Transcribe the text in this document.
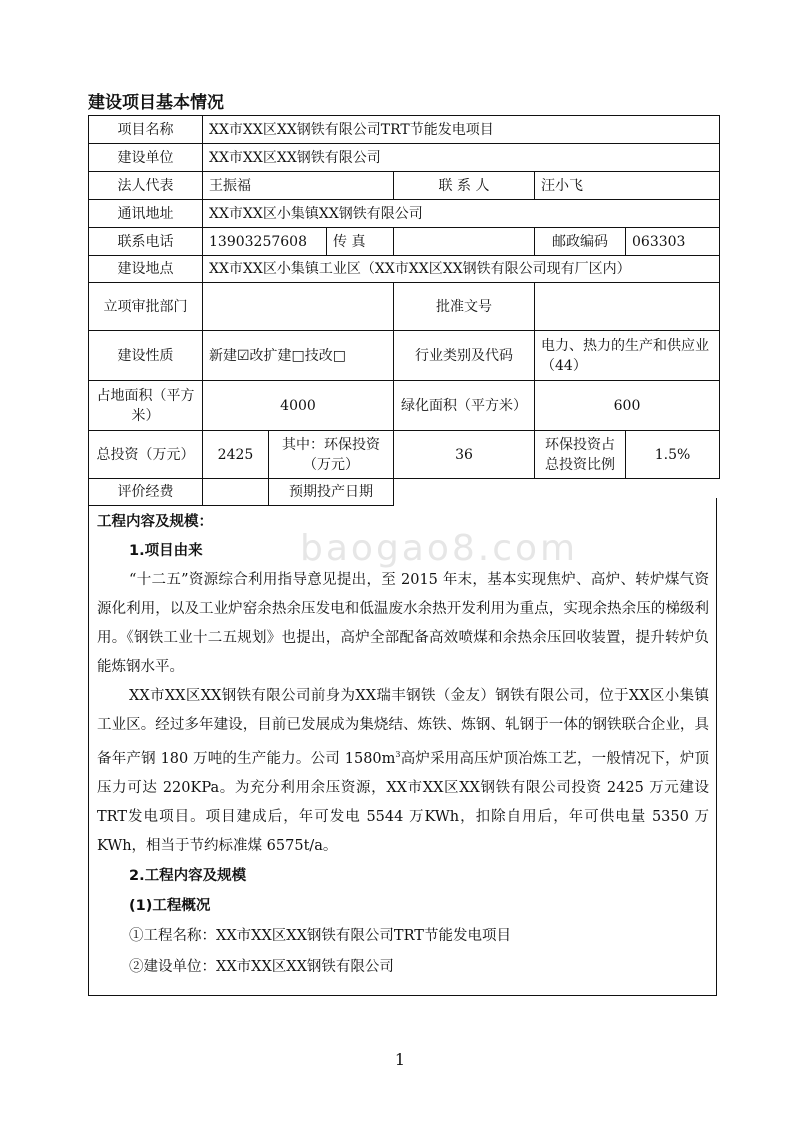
建设项目基本情况
项目名称	XX市XX区XX钢铁有限公司TRT节能发电项目					
建设单位	XX市XX区XX钢铁有限公司					
法人代表	王振福			联 系 人	汪小飞	
通讯地址	XX市XX区小集镇XX钢铁有限公司					
联系电话	13903257608		传 真		邮政编码	063303
建设地点	XX市XX区小集镇工业区（XX市XX区XX钢铁有限公司现有厂区内）					
立项审批部门				批准文号		
建设性质	新建☑改扩建□技改□			行业类别及代码	电力、热力的生产和供应业（44）	
占地面积（平方米）	4000			绿化面积（平方米）	600	
总投资（万元）	2425	其中：环保投资（万元）		36	环保投资占总投资比例	1.5%
评价经费		预期投产日期				
baogao8.com
工程内容及规模：
1.项目由来

“十二五”资源综合利用指导意见提出，至 2015 年末，基本实现焦炉、高炉、转炉煤气资源化利用，以及工业炉窑余热余压发电和低温废水余热开发利用为重点，实现余热余压的梯级利用。《钢铁工业十二五规划》也提出，高炉全部配备高效喷煤和余热余压回收装置，提升转炉负能炼钢水平。

XX市XX区XX钢铁有限公司前身为XX瑞丰钢铁（金友）钢铁有限公司，位于XX区小集镇工业区。经过多年建设，目前已发展成为集烧结、炼铁、炼钢、轧钢于一体的钢铁联合企业，具备年产钢 180 万吨的生产能力。公司 $1580m^3$高炉采用高压炉顶冶炼工艺，一般情况下，炉顶压力可达 220KPa。为充分利用余压资源，XX市XX区XX钢铁有限公司投资 2425 万元建设TRT发电项目。项目建成后，年可发电 5544 万KWh，扣除自用后，年可供电量 5350 万KWh，相当于节约标准煤 6575t/a。

2.工程内容及规模
(1)工程概况
①工程名称：XX市XX区XX钢铁有限公司TRT节能发电项目
②建设单位：XX市XX区XX钢铁有限公司
1
